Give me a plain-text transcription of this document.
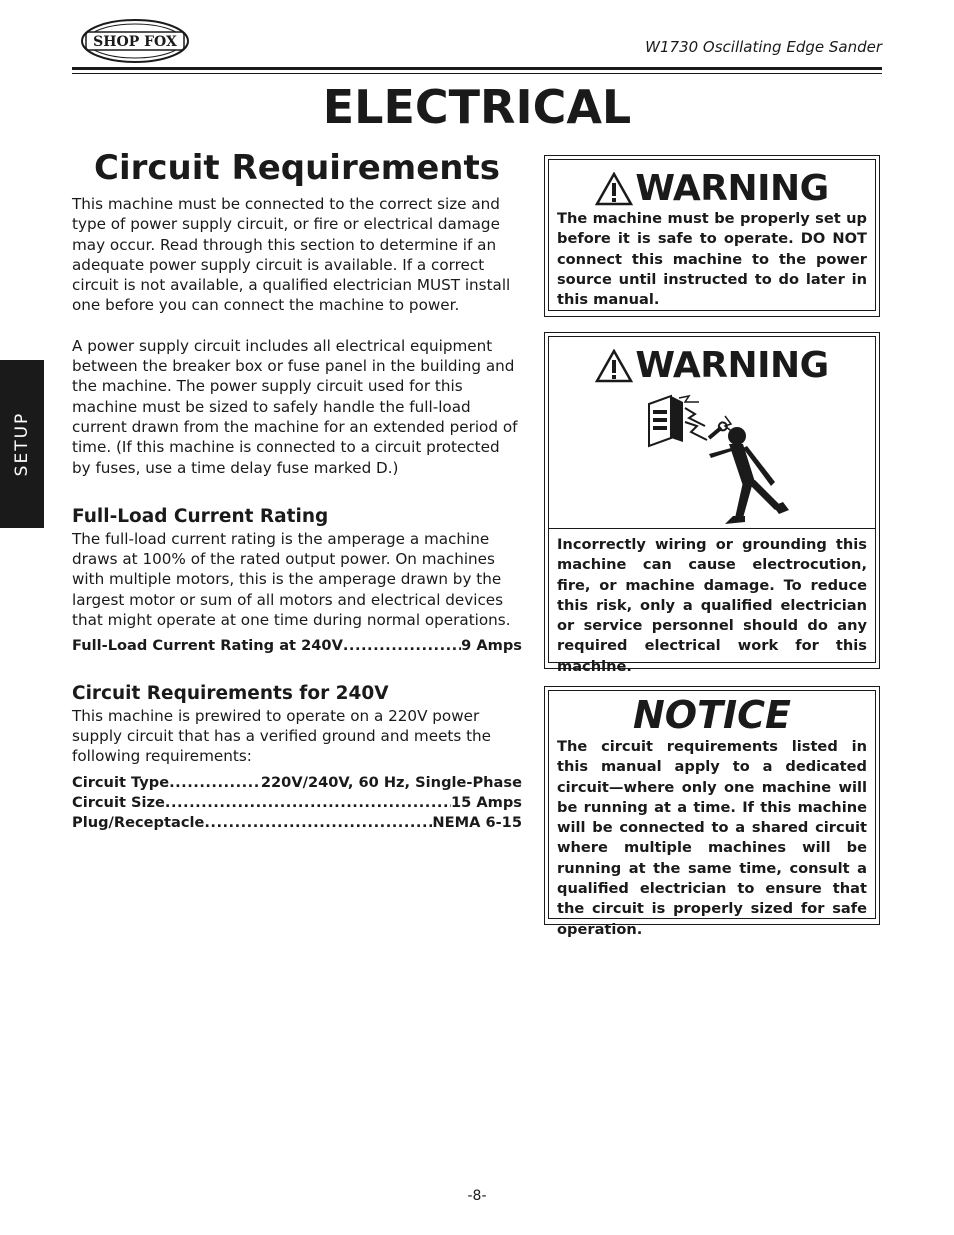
SHOP FOX	W1730 Oscillating Edge Sander
ELECTRICAL
SETUP
Circuit Requirements

This machine must be connected to the correct size and type of power supply circuit, or fire or electrical damage may occur. Read through this section to determine if an adequate power supply circuit is available. If a correct circuit is not available, a qualified electrician MUST install one before you can connect the machine to power.

A power supply circuit includes all electrical equipment between the breaker box or fuse panel in the building and the machine. The power supply circuit used for this machine must be sized to safely handle the full-load current drawn from the machine for an extended period of time. (If this machine is connected to a circuit protected by fuses, use a time delay fuse marked D.)

Full-Load Current Rating

The full-load current rating is the amperage a machine draws at 100% of the rated output power. On machines with multiple motors, this is the amperage drawn by the largest motor or sum of all motors and electrical devices that might operate at one time during normal operations.

Full-Load Current Rating at 240V .....	9 Amps
Circuit Requirements for 240V

This machine is prewired to operate on a 220V power supply circuit that has a verified ground and meets the following requirements:

Circuit Type .....	220V/240V, 60 Hz, Single-Phase
Circuit Size .....	15 Amps
Plug/Receptacle .....	NEMA 6-15
WARNING
The machine must be properly set up before it is safe to operate. DO NOT connect this machine to the power source until instructed to do later in this manual.
WARNING
Incorrectly wiring or grounding this machine can cause electrocution, fire, or machine damage. To reduce this risk, only a qualified electrician or service personnel should do any required electrical work for this machine.
NOTICE
The circuit requirements listed in this manual apply to a dedicated circuit—where only one machine will be running at a time. If this machine will be connected to a shared circuit where multiple machines will be running at the same time, consult a qualified electrician to ensure that the circuit is properly sized for safe operation.
-8-
